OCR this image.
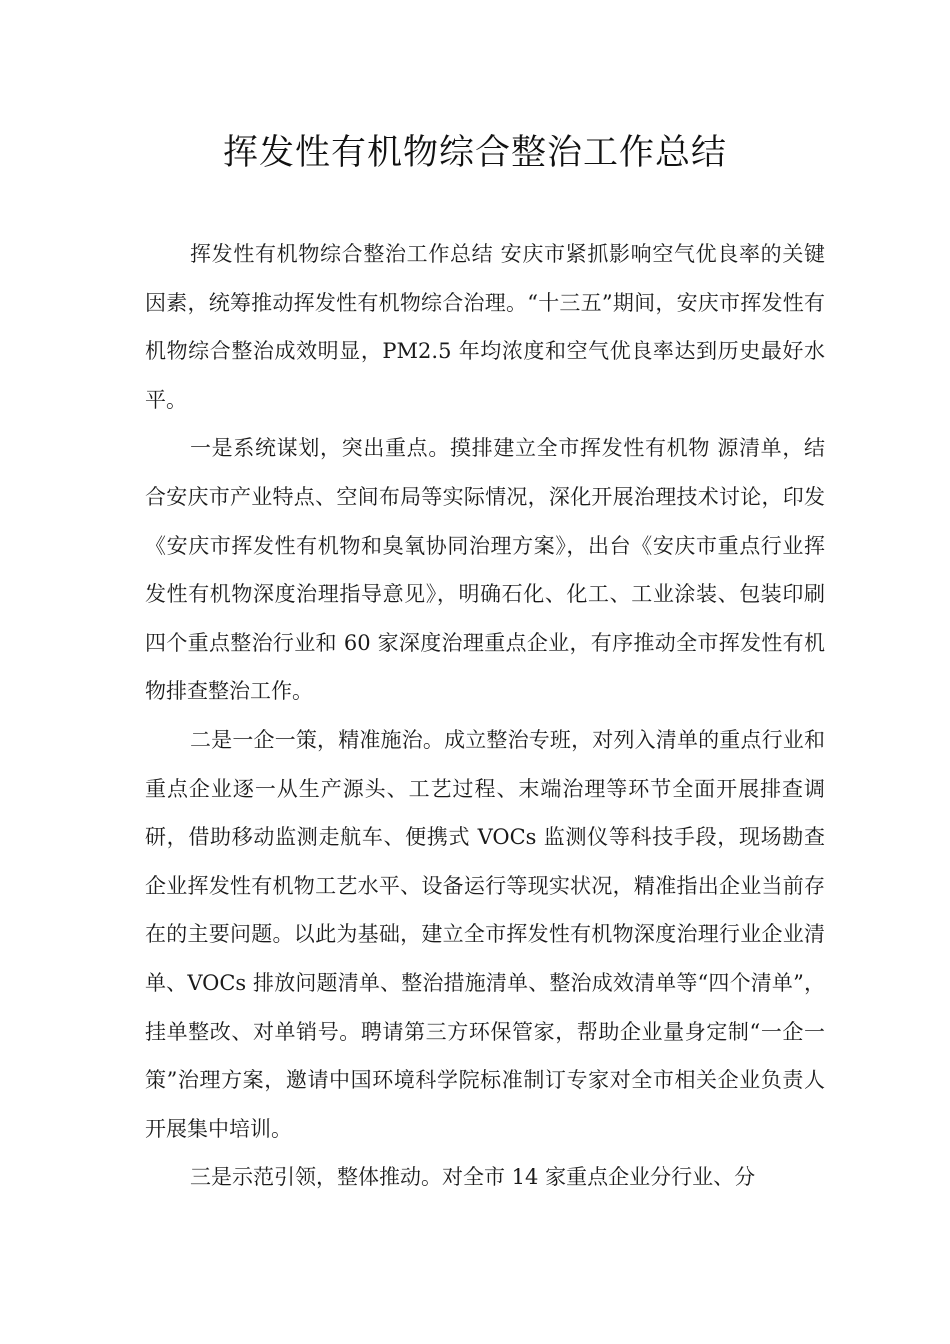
挥发性有机物综合整治工作总结

挥发性有机物综合整治工作总结 安庆市紧抓影响空气优良率的关键因素，统筹推动挥发性有机物综合治理。“十三五”期间，安庆市挥发性有机物综合整治成效明显，PM2.5 年均浓度和空气优良率达到历史最好水平。

一是系统谋划，突出重点。摸排建立全市挥发性有机物 源清单，结合安庆市产业特点、空间布局等实际情况，深化开展治理技术讨论，印发《安庆市挥发性有机物和臭氧协同治理方案》，出台《安庆市重点行业挥发性有机物深度治理指导意见》，明确石化、化工、工业涂装、包装印刷四个重点整治行业和 60 家深度治理重点企业，有序推动全市挥发性有机物排查整治工作。

二是一企一策，精准施治。成立整治专班，对列入清单的重点行业和重点企业逐一从生产源头、工艺过程、末端治理等环节全面开展排查调研，借助移动监测走航车、便携式 VOCs 监测仪等科技手段，现场勘查企业挥发性有机物工艺水平、设备运行等现实状况，精准指出企业当前存在的主要问题。以此为基础，建立全市挥发性有机物深度治理行业企业清单、VOCs 排放问题清单、整治措施清单、整治成效清单等“四个清单”，挂单整改、对单销号。聘请第三方环保管家，帮助企业量身定制“一企一策”治理方案，邀请中国环境科学院标准制订专家对全市相关企业负责人开展集中培训。

三是示范引领，整体推动。对全市 14 家重点企业分行业、分
